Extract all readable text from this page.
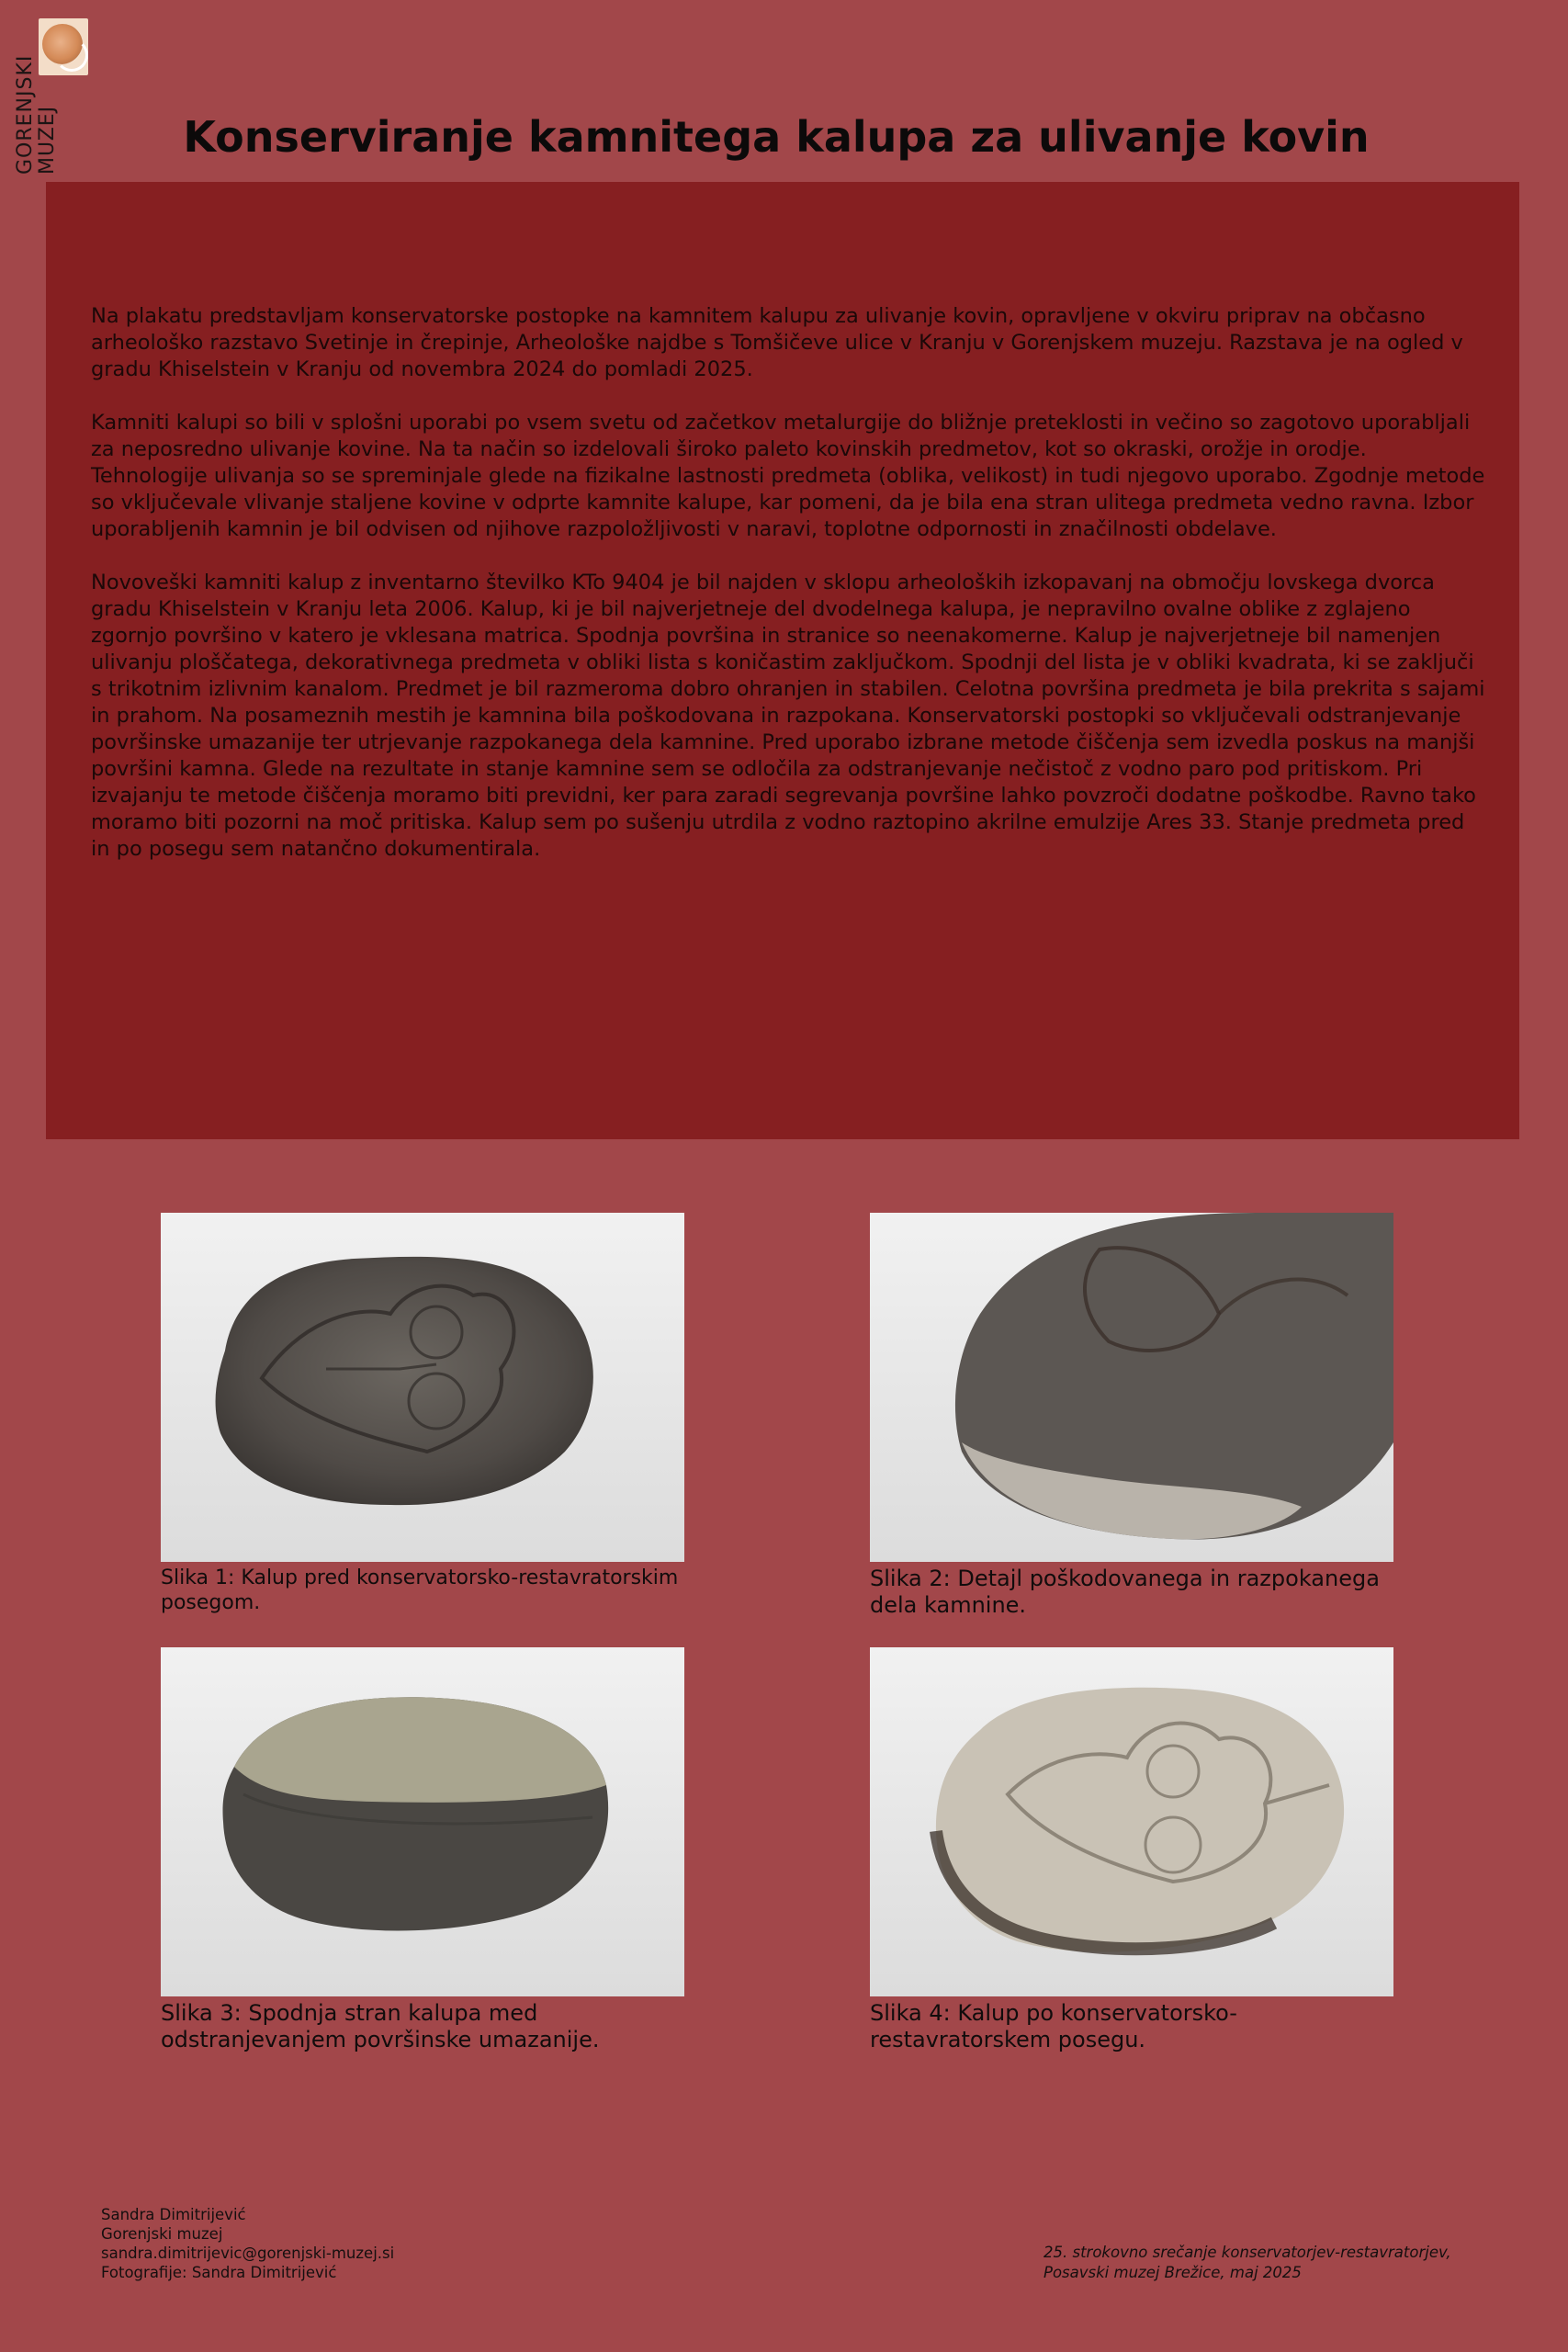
GORENJSKI MUZEJ	Konserviranje kamnitega kalupa za ulivanje kovin

Na plakatu predstavljam konservatorske postopke na kamnitem kalupu za ulivanje kovin, opravljene v okviru priprav na občasno arheološko razstavo Svetinje in črepinje, Arheološke najdbe s Tomšičeve ulice v Kranju v Gorenjskem muzeju. Razstava je na ogled v gradu Khiselstein v Kranju od novembra 2024 do pomladi 2025.

Kamniti kalupi so bili v splošni uporabi po vsem svetu od začetkov metalurgije do bližnje preteklosti in večino so zagotovo uporabljali za neposredno ulivanje kovine. Na ta način so izdelovali široko paleto kovinskih predmetov, kot so okraski, orožje in orodje. Tehnologije ulivanja so se spreminjale glede na fizikalne lastnosti predmeta (oblika, velikost) in tudi njegovo uporabo. Zgodnje metode so vključevale vlivanje staljene kovine v odprte kamnite kalupe, kar pomeni, da je bila ena stran ulitega predmeta vedno ravna. Izbor uporabljenih kamnin je bil odvisen od njihove razpoložljivosti v naravi, toplotne odpornosti in značilnosti obdelave.

Novoveški kamniti kalup z inventarno številko KTo 9404 je bil najden v sklopu arheoloških izkopavanj na območju lovskega dvorca gradu Khiselstein v Kranju leta 2006. Kalup, ki je bil najverjetneje del dvodelnega kalupa, je nepravilno ovalne oblike z zglajeno zgornjo površino v katero je vklesana matrica. Spodnja površina in stranice so neenakomerne. Kalup je najverjetneje bil namenjen ulivanju ploščatega, dekorativnega predmeta v obliki lista s koničastim zaključkom. Spodnji del lista je v obliki kvadrata, ki se zaključi s trikotnim izlivnim kanalom. Predmet je bil razmeroma dobro ohranjen in stabilen. Celotna površina predmeta je bila prekrita s sajami in prahom. Na posameznih mestih je kamnina bila poškodovana in razpokana. Konservatorski postopki so vključevali odstranjevanje površinske umazanije ter utrjevanje razpokanega dela kamnine. Pred uporabo izbrane metode čiščenja sem izvedla poskus na manjši površini kamna. Glede na rezultate in stanje kamnine sem se odločila za odstranjevanje nečistoč z vodno paro pod pritiskom. Pri izvajanju te metode čiščenja moramo biti previdni, ker para zaradi segrevanja površine lahko povzroči dodatne poškodbe. Ravno tako moramo biti pozorni na moč pritiska. Kalup sem po sušenju utrdila z vodno raztopino akrilne emulzije Ares 33. Stanje predmeta pred in po posegu sem natančno dokumentirala.

Slika 1: Kalup pred konservatorsko-restavratorskim posegom.
Slika 2: Detajl poškodovanega in razpokanega dela kamnine.
Slika 3: Spodnja stran kalupa med odstranjevanjem površinske umazanije.
Slika 4: Kalup po konservatorsko-restavratorskem posegu.
Sandra Dimitrijević
Gorenjski muzej
sandra.dimitrijevic@gorenjski-muzej.si
Fotografije: Sandra Dimitrijević
25. strokovno srečanje konservatorjev-restavratorjev,
Posavski muzej Brežice, maj 2025
